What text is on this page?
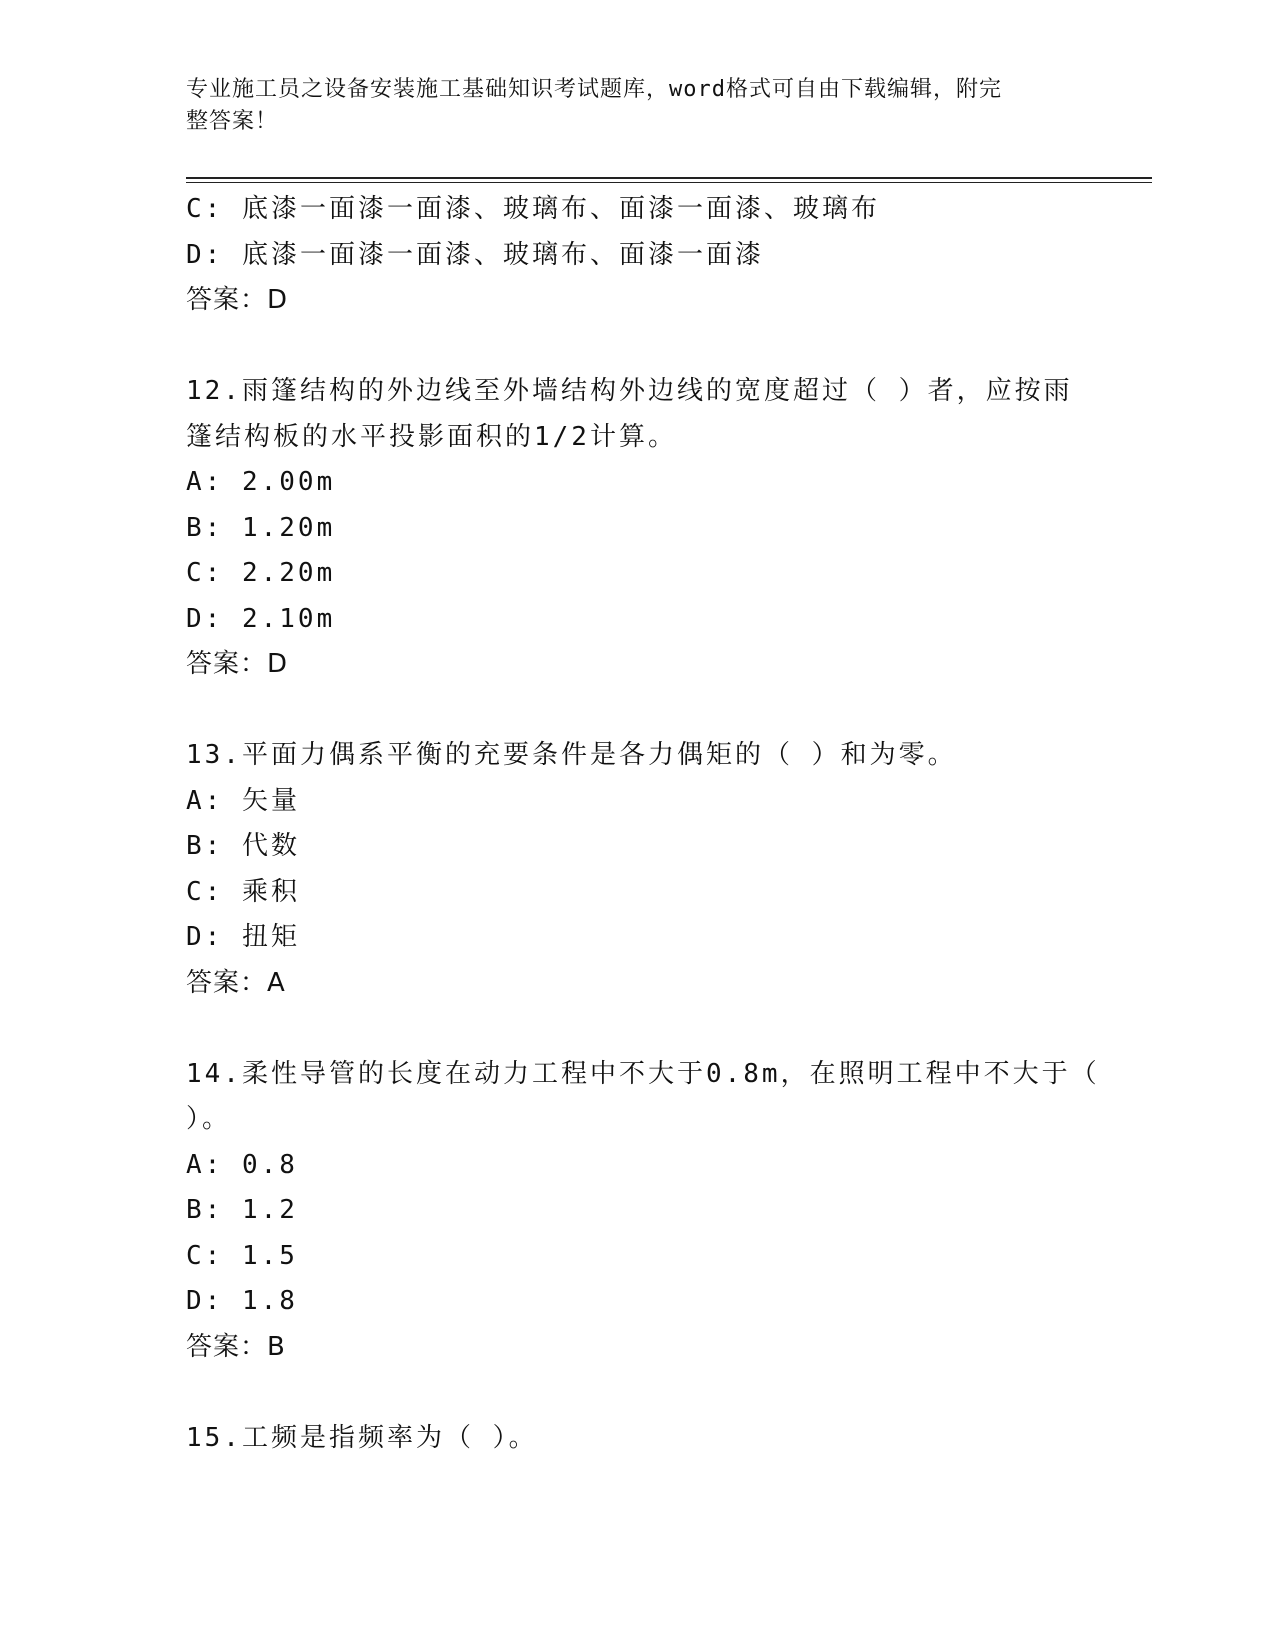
专业施工员之设备安装施工基础知识考试题库，word格式可自由下载编辑，附完
整答案！
C: 底漆一面漆一面漆、玻璃布、面漆一面漆、玻璃布
D: 底漆一面漆一面漆、玻璃布、面漆一面漆
答案：D
12.雨篷结构的外边线至外墙结构外边线的宽度超过（ ）者，应按雨
篷结构板的水平投影面积的1/2计算。
A: 2.00m
B: 1.20m
C: 2.20m
D: 2.10m
答案：D
13.平面力偶系平衡的充要条件是各力偶矩的（ ）和为零。
A: 矢量
B: 代数
C: 乘积
D: 扭矩
答案：A
14.柔性导管的长度在动力工程中不大于0.8m，在照明工程中不大于（
）。
A: 0.8
B: 1.2
C: 1.5
D: 1.8
答案：B
15.工频是指频率为（ ）。
